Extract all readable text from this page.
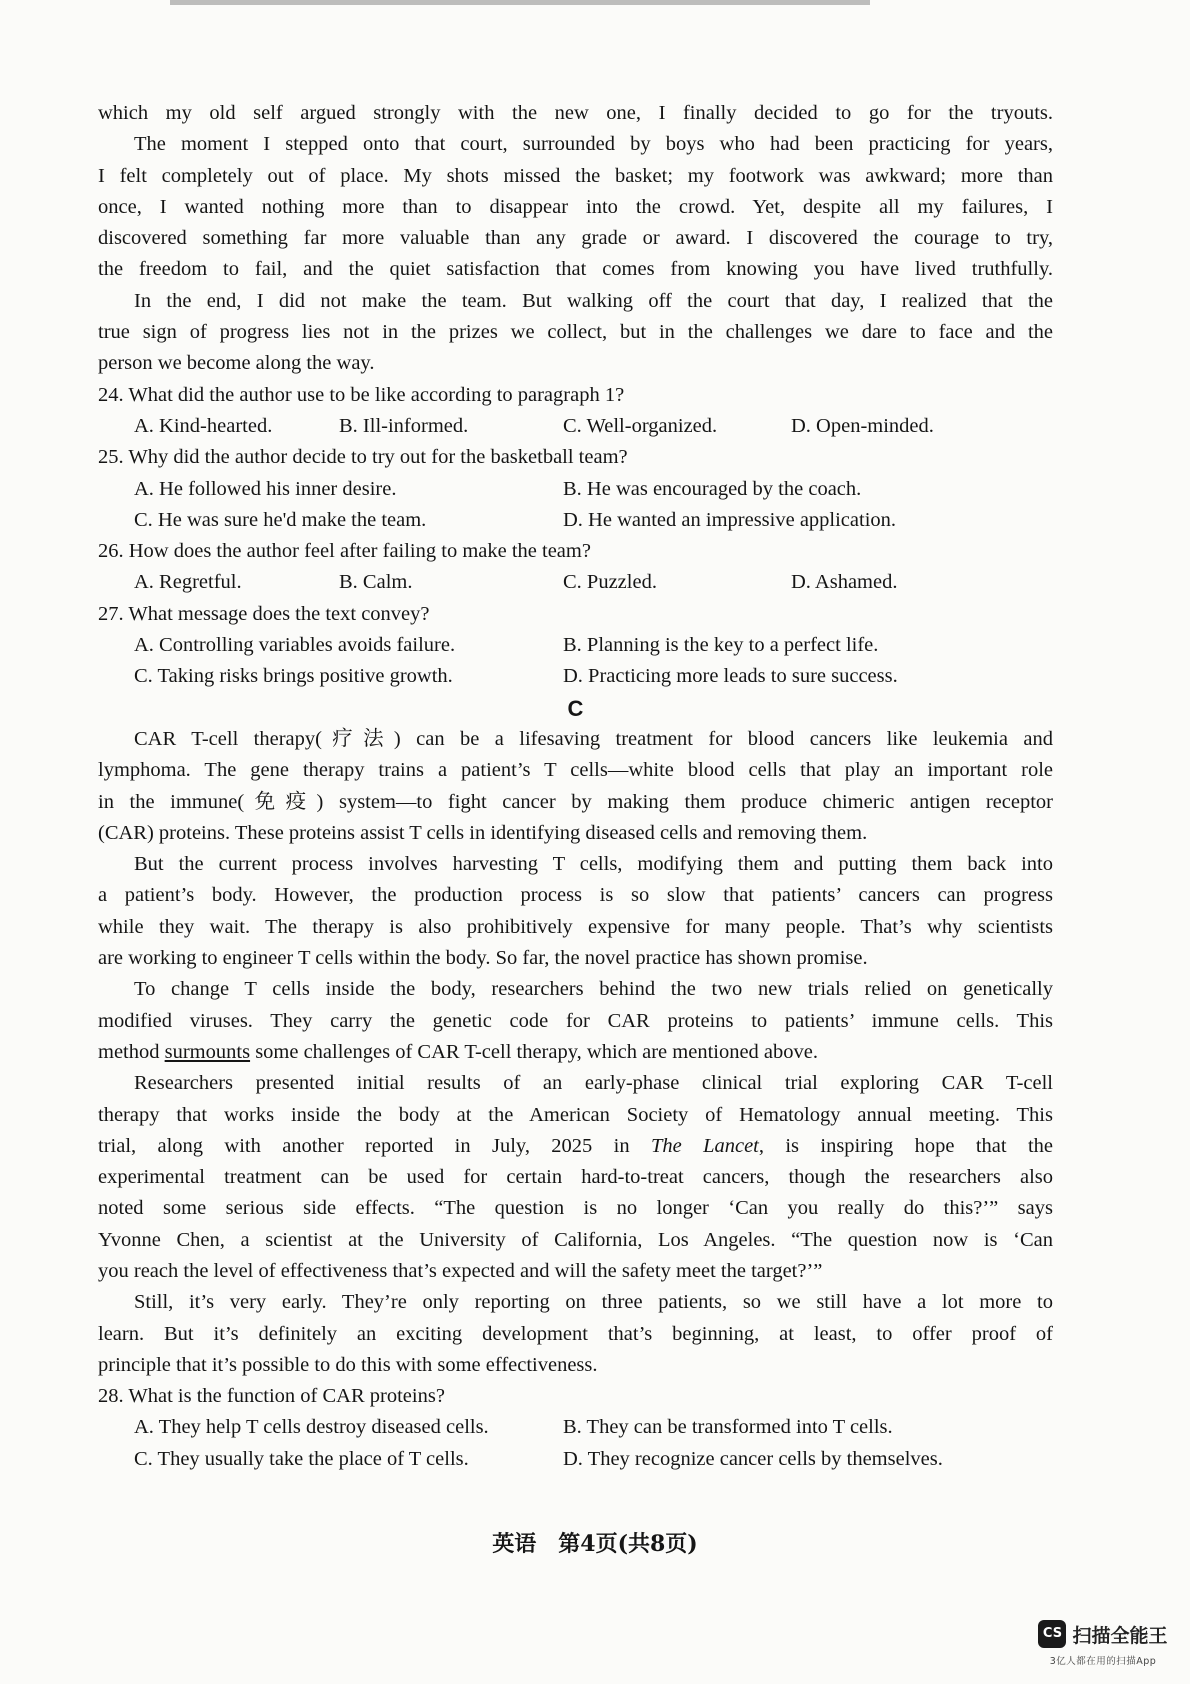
which my old self argued strongly with the new one, I finally decided to go for the tryouts.
The moment I stepped onto that court, surrounded by boys who had been practicing for years,
I felt completely out of place. My shots missed the basket; my footwork was awkward; more than
once, I wanted nothing more than to disappear into the crowd. Yet, despite all my failures, I
discovered something far more valuable than any grade or award. I discovered the courage to try,
the freedom to fail, and the quiet satisfaction that comes from knowing you have lived truthfully.
In the end, I did not make the team. But walking off the court that day, I realized that the
true sign of progress lies not in the prizes we collect, but in the challenges we dare to face and the
person we become along the way.
24. What did the author use to be like according to paragraph 1?
A. Kind-hearted.	B. Ill-informed.	C. Well-organized.	D. Open-minded.
25. Why did the author decide to try out for the basketball team?
A. He followed his inner desire.	B. He was encouraged by the coach.
C. He was sure he'd make the team.	D. He wanted an impressive application.
26. How does the author feel after failing to make the team?
A. Regretful.	B. Calm.	C. Puzzled.	D. Ashamed.
27. What message does the text convey?
A. Controlling variables avoids failure.	B. Planning is the key to a perfect life.
C. Taking risks brings positive growth.	D. Practicing more leads to sure success.
C
CAR T-cell therapy(疗法) can be a lifesaving treatment for blood cancers like leukemia and
lymphoma. The gene therapy trains a patient’s T cells—white blood cells that play an important role
in the immune(免疫) system—to fight cancer by making them produce chimeric antigen receptor
(CAR) proteins. These proteins assist T cells in identifying diseased cells and removing them.
But the current process involves harvesting T cells, modifying them and putting them back into
a patient’s body. However, the production process is so slow that patients’ cancers can progress
while they wait. The therapy is also prohibitively expensive for many people. That’s why scientists
are working to engineer T cells within the body. So far, the novel practice has shown promise.
To change T cells inside the body, researchers behind the two new trials relied on genetically
modified viruses. They carry the genetic code for CAR proteins to patients’ immune cells. This
method surmounts some challenges of CAR T-cell therapy, which are mentioned above.
Researchers presented initial results of an early-phase clinical trial exploring CAR T-cell
therapy that works inside the body at the American Society of Hematology annual meeting. This
trial, along with another reported in July, 2025 in The Lancet, is inspiring hope that the
experimental treatment can be used for certain hard-to-treat cancers, though the researchers also
noted some serious side effects. “The question is no longer ‘Can you really do this?’” says
Yvonne Chen, a scientist at the University of California, Los Angeles. “The question now is ‘Can
you reach the level of effectiveness that’s expected and will the safety meet the target?’”
Still, it’s very early. They’re only reporting on three patients, so we still have a lot more to
learn. But it’s definitely an exciting development that’s beginning, at least, to offer proof of
principle that it’s possible to do this with some effectiveness.
28. What is the function of CAR proteins?
A. They help T cells destroy diseased cells.	B. They can be transformed into T cells.
C. They usually take the place of T cells.	D. They recognize cancer cells by themselves.
英语　第4页(共8页)
CS 扫描全能王
3亿人都在用的扫描App
